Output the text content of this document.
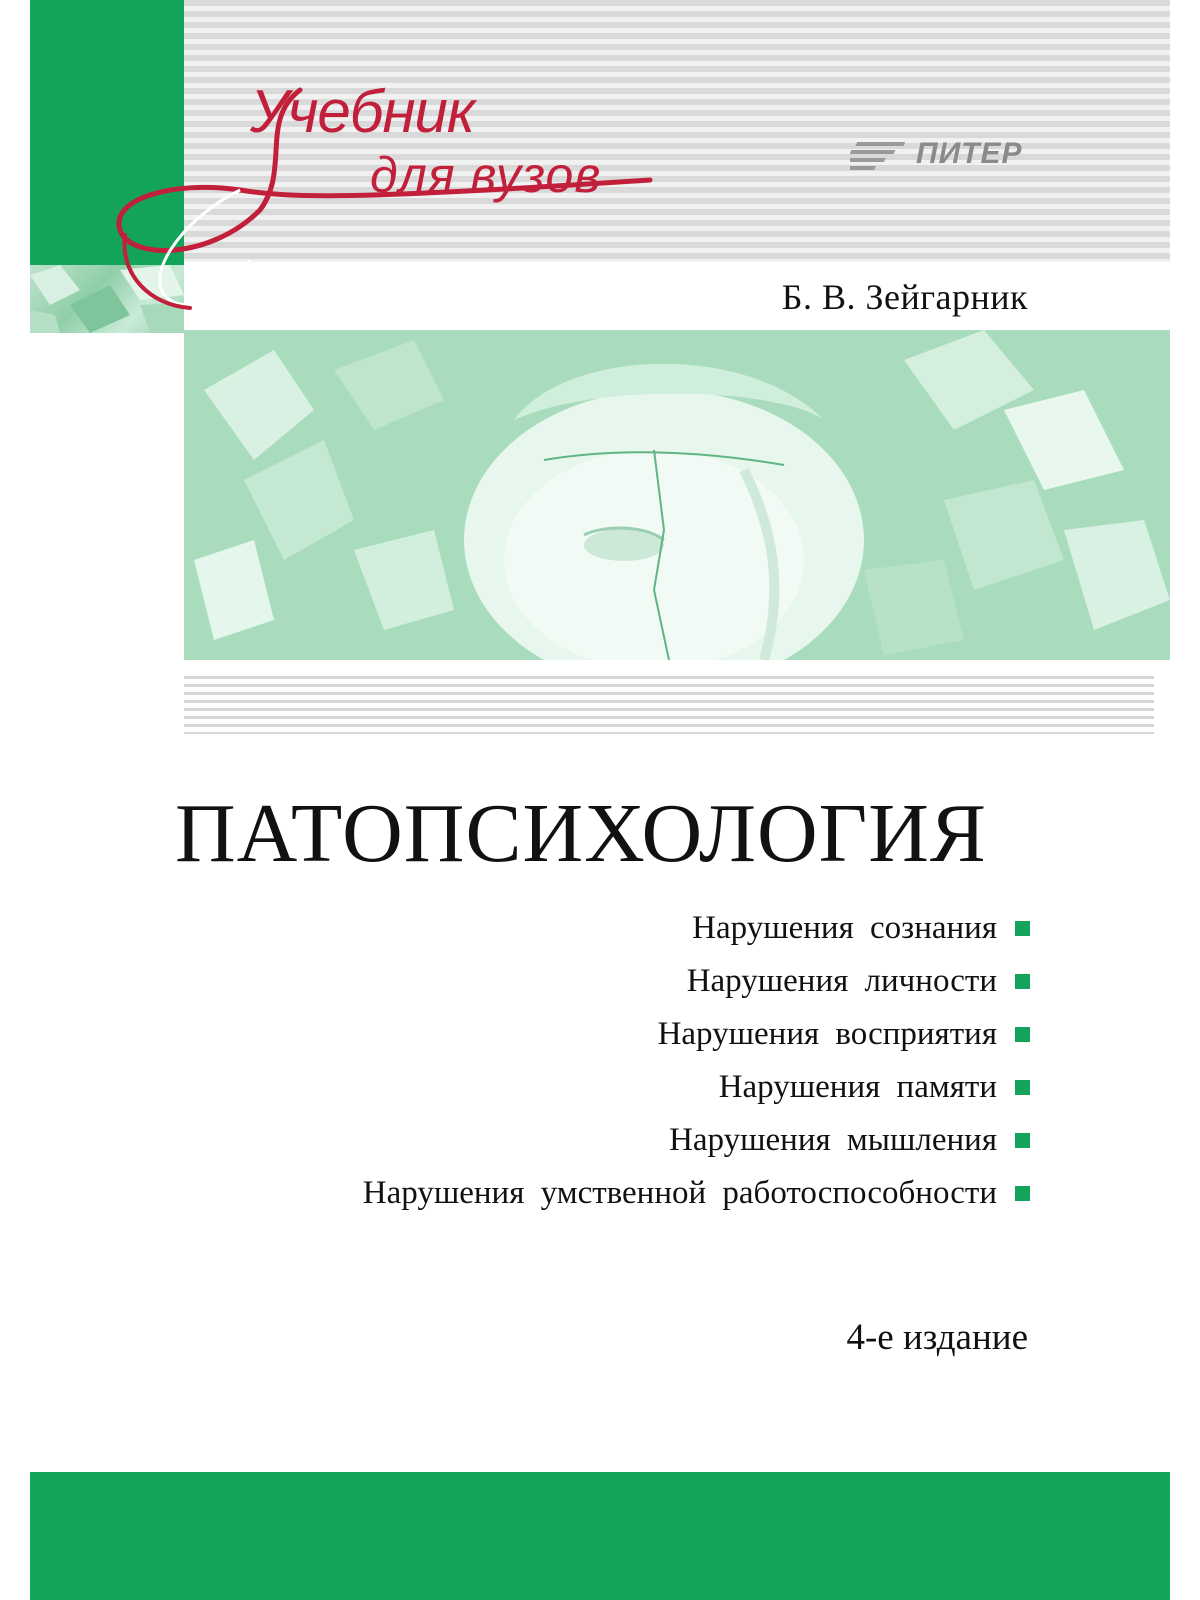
Учебник
для вузов	ПИТЕР
Б. В. Зейгарник
ПАТОПСИХОЛОГИЯ
Нарушения сознания
Нарушения личности
Нарушения восприятия
Нарушения памяти
Нарушения мышления
Нарушения умственной работоспособности
4-е издание
